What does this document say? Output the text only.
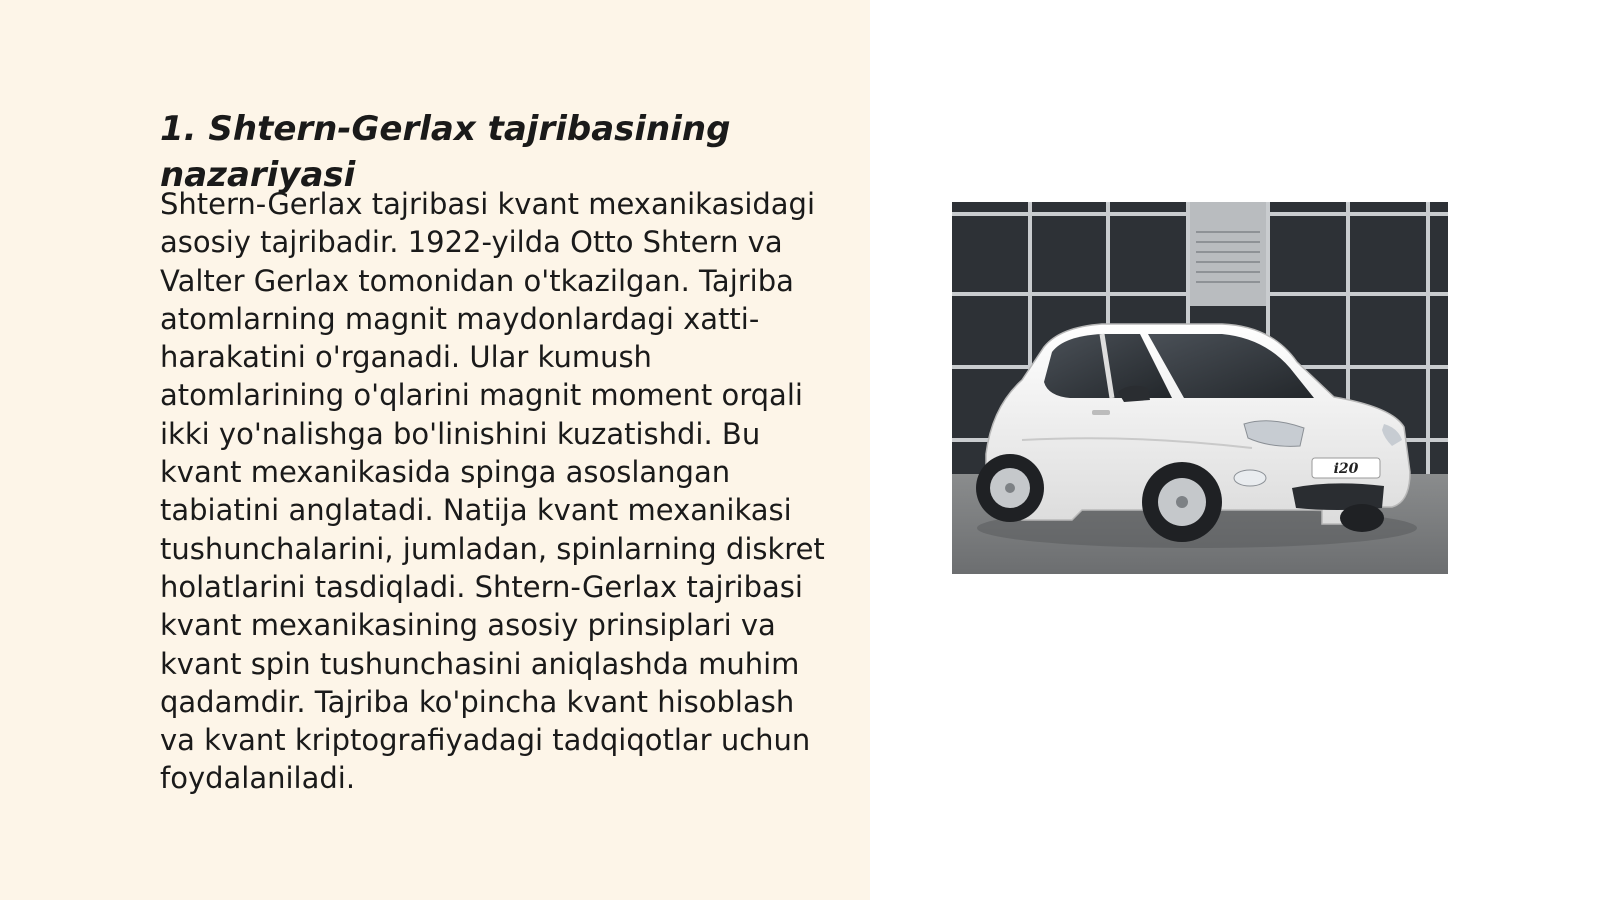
1. Shtern-Gerlax tajribasining nazariyasi

Shtern-Gerlax tajribasi kvant mexanikasidagi asosiy tajribadir. 1922-yilda Otto Shtern va Valter Gerlax tomonidan o'tkazilgan. Tajriba atomlarning magnit maydonlardagi xatti-harakatini o'rganadi. Ular kumush atomlarining o'qlarini magnit moment orqali ikki yo'nalishga bo'linishini kuzatishdi. Bu kvant mexanikasida spinga asoslangan tabiatini anglatadi. Natija kvant mexanikasi tushunchalarini, jumladan, spinlarning diskret holatlarini tasdiqladi. Shtern-Gerlax tajribasi kvant mexanikasining asosiy prinsiplari va kvant spin tushunchasini aniqlashda muhim qadamdir. Tajriba ko'pincha kvant hisoblash va kvant kriptografiyadagi tadqiqotlar uchun foydalaniladi.

i20
